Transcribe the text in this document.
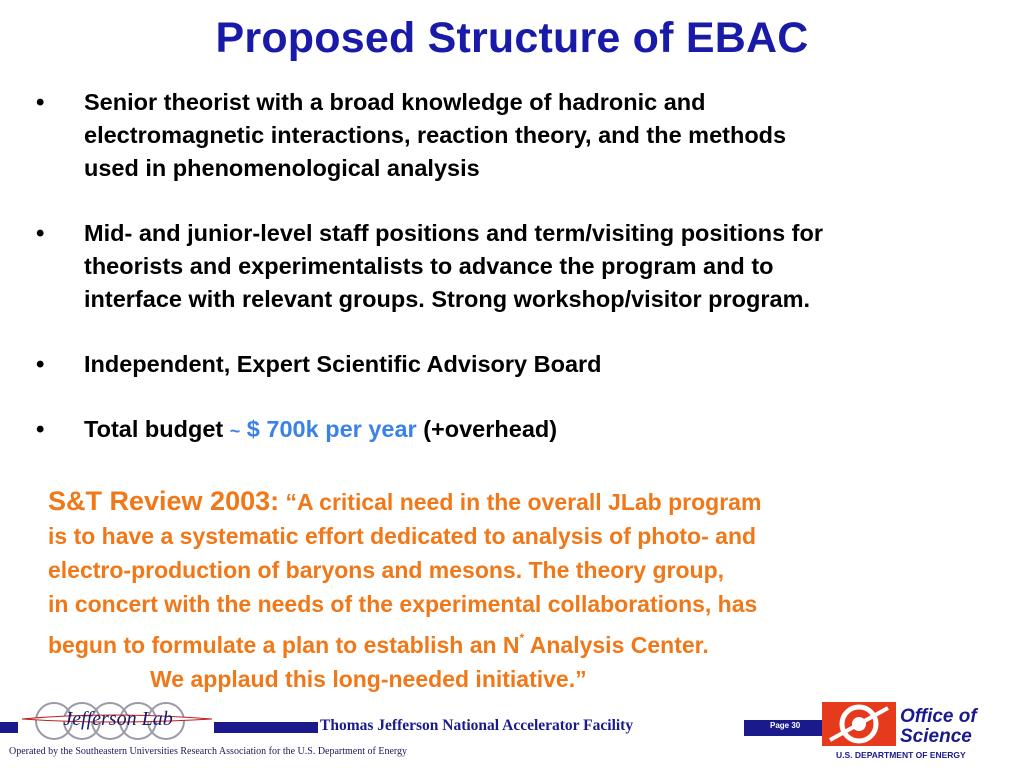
Proposed Structure of EBAC
• Senior theorist with a broad knowledge of hadronic and
electromagnetic interactions, reaction theory, and the methods
used in phenomenological analysis
• Mid- and junior-level staff positions and term/visiting positions for
theorists and experimentalists to advance the program and to
interface with relevant groups. Strong workshop/visitor program.
• Independent, Expert Scientific Advisory Board
• Total budget ~ $ 700k per year (+overhead)
S&T Review 2003: “A critical need in the overall JLab program
is to have a systematic effort dedicated to analysis of photo- and
electro-production of baryons and mesons. The theory group,
in concert with the needs of the experimental collaborations, has
begun to formulate a plan to establish an N* Analysis Center.
We applaud this long-needed initiative.”
Jefferson Lab	Thomas Jefferson National Accelerator Facility	Page 30	Office of
Science
U.S. DEPARTMENT OF ENERGY
Operated by the Southeastern Universities Research Association for the U.S. Department of Energy
